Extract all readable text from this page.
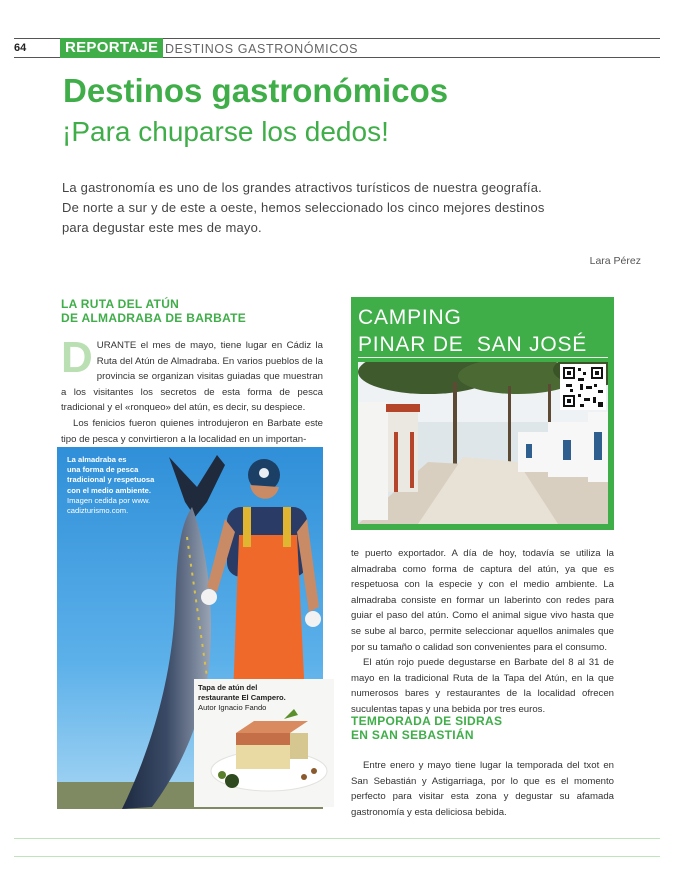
64	REPORTAJE DESTINOS GASTRONÓMICOS
Destinos gastronómicos
¡Para chuparse los dedos!
La gastronomía es uno de los grandes atractivos turísticos de nuestra geografía.
De norte a sur y de este a oeste, hemos seleccionado los cinco mejores destinos
para degustar este mes de mayo.
Lara Pérez
LA RUTA DEL ATÚN
DE ALMADRABA DE BARBATE

DURANTE el mes de mayo, tiene lugar en Cádiz la Ruta del Atún de Almadraba. En varios pueblos de la provincia se organizan visitas guiadas que muestran a los visitantes los secretos de esta forma de pesca tradicional y el «ronqueo» del atún, es decir, su despiece.

Los fenicios fueron quienes introdujeron en Barbate este tipo de pesca y convirtieron a la localidad en un importan-

La almadraba es
una forma de pesca
tradicional y respetuosa
con el medio ambiente.
Imagen cedida por www.
cadizturismo.com.
Tapa de atún del
restaurante El Campero.
Autor Ignacio Fando
CAMPING
PINAR DE  SAN JOSÉ

te puerto exportador. A día de hoy, todavía se utiliza la almadraba como forma de captura del atún, ya que es respetuosa con la especie y con el medio ambiente. La almadraba consiste en formar un laberinto con redes para guiar el paso del atún. Como el animal sigue vivo hasta que se sube al barco, permite seleccionar aquellos animales que por su tamaño o calidad son convenientes para el consumo.

El atún rojo puede degustarse en Barbate del 8 al 31 de mayo en la tradicional Ruta de la Tapa del Atún, en la que numerosos bares y restaurantes de la localidad ofrecen suculentas tapas y una bebida por tres euros.

TEMPORADA DE SIDRAS
EN SAN SEBASTIÁN

Entre enero y mayo tiene lugar la temporada del txot en San Sebastián y Astigarriaga, por lo que es el momento perfecto para visitar esta zona y degustar su afamada gastronomía y esta deliciosa bebida.
